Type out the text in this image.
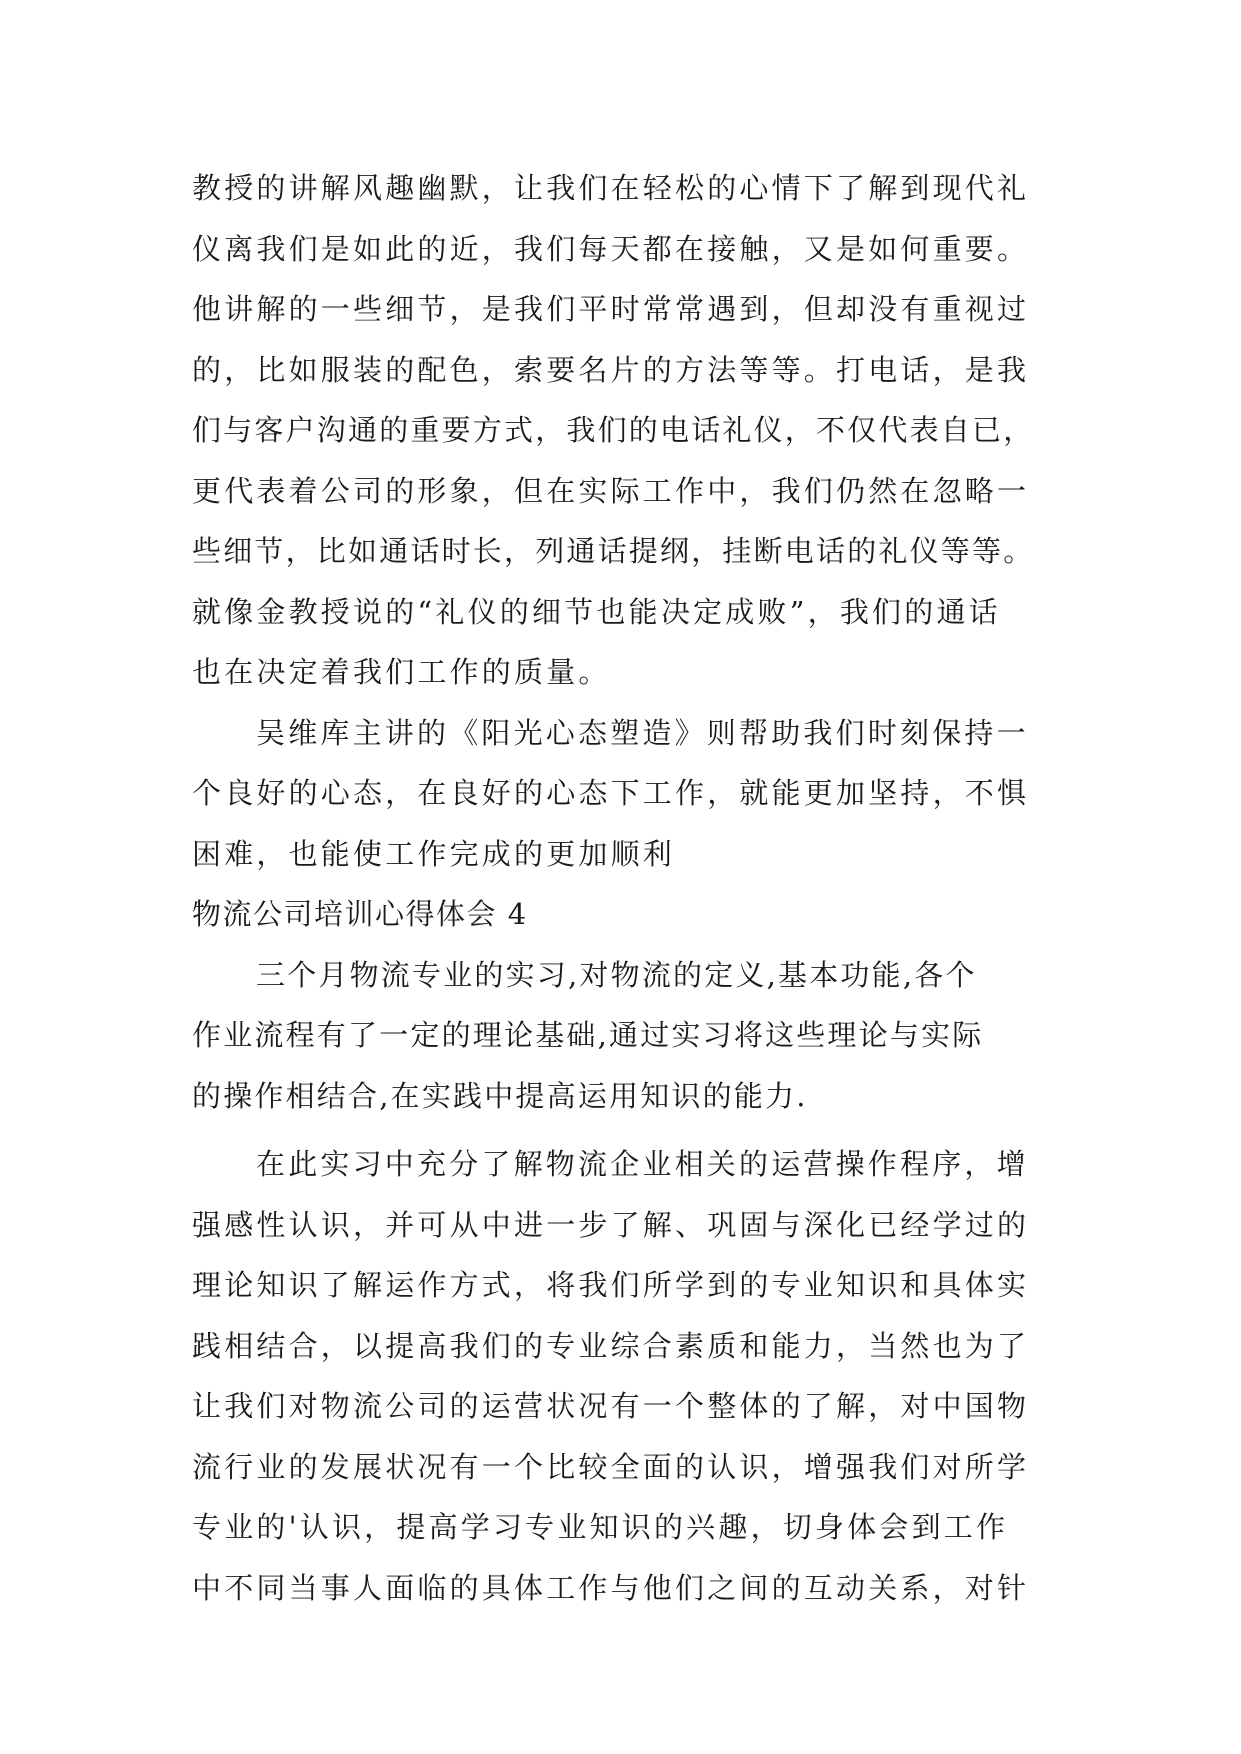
教授的讲解风趣幽默，让我们在轻松的心情下了解到现代礼
仪离我们是如此的近，我们每天都在接触，又是如何重要。
他讲解的一些细节，是我们平时常常遇到，但却没有重视过
的，比如服装的配色，索要名片的方法等等。打电话，是我
们与客户沟通的重要方式，我们的电话礼仪，不仅代表自已，
更代表着公司的形象，但在实际工作中，我们仍然在忽略一
些细节，比如通话时长，列通话提纲，挂断电话的礼仪等等。
就像金教授说的“礼仪的细节也能决定成败”，我们的通话
也在决定着我们工作的质量。
吴维库主讲的《阳光心态塑造》则帮助我们时刻保持一
个良好的心态，在良好的心态下工作，就能更加坚持，不惧
困难，也能使工作完成的更加顺利
物流公司培训心得体会 4
三个月物流专业的实习,对物流的定义,基本功能,各个
作业流程有了一定的理论基础,通过实习将这些理论与实际
的操作相结合,在实践中提高运用知识的能力.
在此实习中充分了解物流企业相关的运营操作程序，增
强感性认识，并可从中进一步了解、巩固与深化已经学过的
理论知识了解运作方式，将我们所学到的专业知识和具体实
践相结合，以提高我们的专业综合素质和能力，当然也为了
让我们对物流公司的运营状况有一个整体的了解，对中国物
流行业的发展状况有一个比较全面的认识，增强我们对所学
专业的'认识，提高学习专业知识的兴趣，切身体会到工作
中不同当事人面临的具体工作与他们之间的互动关系，对针
